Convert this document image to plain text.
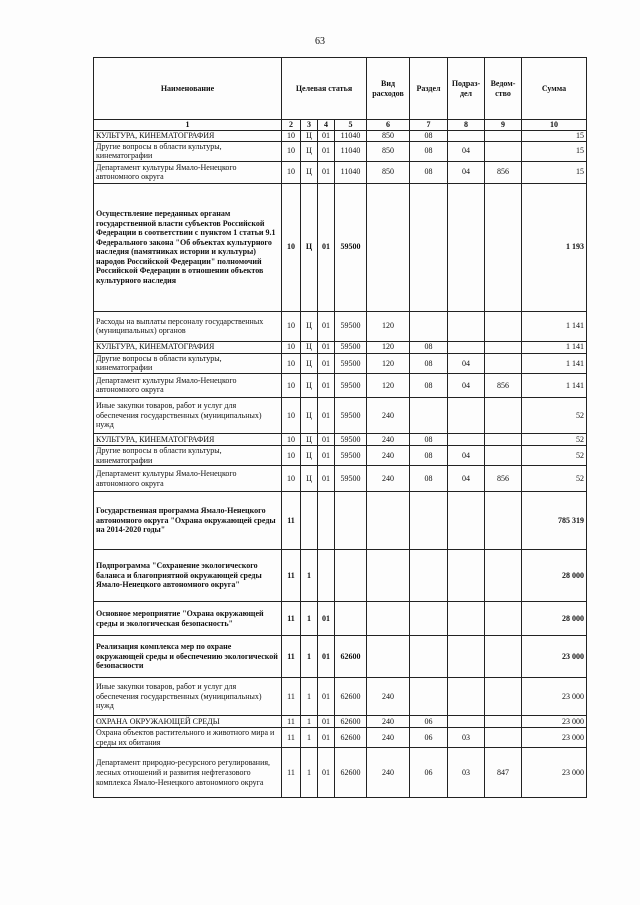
63
Наименование	Целевая статья				Вид расходов	Раздел	Подраз-дел	Ведом-ство	Сумма
1	2	3	4	5	6	7	8	9	10
КУЛЬТУРА, КИНЕМАТОГРАФИЯ	10	Ц	01	11040	850	08			15
Другие вопросы в области культуры, кинематографии	10	Ц	01	11040	850	08	04		15
Департамент культуры Ямало-Ненецкого автономного округа	10	Ц	01	11040	850	08	04	856	15
Осуществление переданных органам государственной власти субъектов Российской Федерации в соответствии с пунктом 1 статьи 9.1 Федерального закона "Об объектах культурного наследия (памятниках истории и культуры) народов Российской Федерации" полномочий Российской Федерации в отношении объектов культурного наследия	10	Ц	01	59500					1 193
Расходы на выплаты персоналу государственных (муниципальных) органов	10	Ц	01	59500	120				1 141
КУЛЬТУРА, КИНЕМАТОГРАФИЯ	10	Ц	01	59500	120	08			1 141
Другие вопросы в области культуры, кинематографии	10	Ц	01	59500	120	08	04		1 141
Департамент культуры Ямало-Ненецкого автономного округа	10	Ц	01	59500	120	08	04	856	1 141
Иные закупки товаров, работ и услуг для обеспечения государственных (муниципальных) нужд	10	Ц	01	59500	240				52
КУЛЬТУРА, КИНЕМАТОГРАФИЯ	10	Ц	01	59500	240	08			52
Другие вопросы в области культуры, кинематографии	10	Ц	01	59500	240	08	04		52
Департамент культуры Ямало-Ненецкого автономного округа	10	Ц	01	59500	240	08	04	856	52
Государственная программа Ямало-Ненецкого автономного округа "Охрана окружающей среды на 2014-2020 годы"	11								785 319
Подпрограмма "Сохранение экологического баланса и благоприятной окружающей среды Ямало-Ненецкого автономного округа"	11	1							28 000
Основное мероприятие "Охрана окружающей среды и экологическая безопасность"	11	1	01						28 000
Реализация комплекса мер по охране окружающей среды и обеспечению экологической безопасности	11	1	01	62600					23 000
Иные закупки товаров, работ и услуг для обеспечения государственных (муниципальных) нужд	11	1	01	62600	240				23 000
ОХРАНА ОКРУЖАЮЩЕЙ СРЕДЫ	11	1	01	62600	240	06			23 000
Охрана объектов растительного и животного мира и среды их обитания	11	1	01	62600	240	06	03		23 000
Департамент природно-ресурсного регулирования, лесных отношений и развития нефтегазового комплекса Ямало-Ненецкого автономного округа	11	1	01	62600	240	06	03	847	23 000
